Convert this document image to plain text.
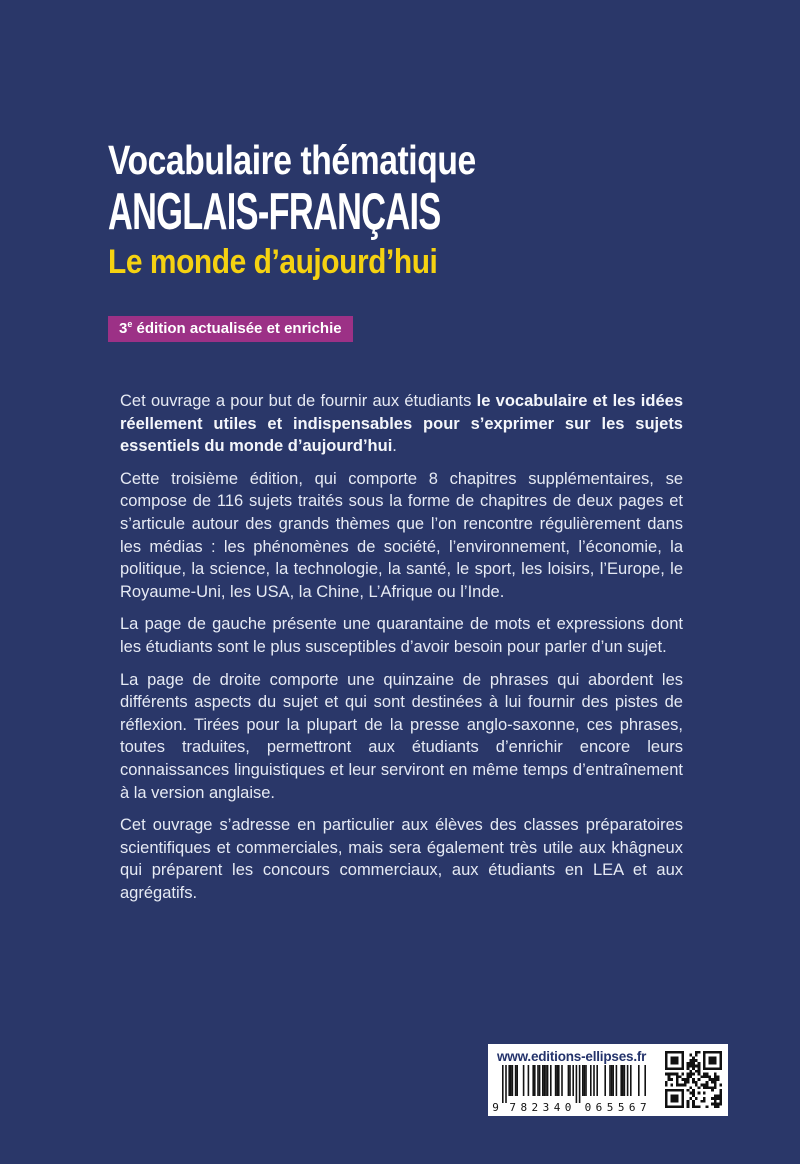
Vocabulaire thématique
ANGLAIS-FRANÇAIS
Le monde d’aujourd’hui

3e édition actualisée et enrichie

Cet ouvrage a pour but de fournir aux étudiants le vocabulaire et les idées réellement utiles et indispensables pour s’exprimer sur les sujets essentiels du monde d’aujourd’hui.

Cette troisième édition, qui comporte 8 chapitres supplémentaires, se compose de 116 sujets traités sous la forme de chapitres de deux pages et s’articule autour des grands thèmes que l’on rencontre régulièrement dans les médias : les phénomènes de société, l’environnement, l’économie, la politique, la science, la technologie, la santé, le sport, les loisirs, l’Europe, le Royaume-Uni, les USA, la Chine, L’Afrique ou l’Inde.

La page de gauche présente une quarantaine de mots et expressions dont les étudiants sont le plus susceptibles d’avoir besoin pour parler d’un sujet.

La page de droite comporte une quinzaine de phrases qui abordent les différents aspects du sujet et qui sont destinées à lui fournir des pistes de réflexion. Tirées pour la plupart de la presse anglo-saxonne, ces phrases, toutes traduites, permettront aux étudiants d’enrichir encore leurs connaissances linguistiques et leur serviront en même temps d’entraînement à la version anglaise.

Cet ouvrage s’adresse en particulier aux élèves des classes préparatoires scientifiques et commerciales, mais sera également très utile aux khâgneux qui préparent les concours commerciaux, aux étudiants en LEA et aux agrégatifs.

www.editions-ellipses.fr
9 782340 065567
